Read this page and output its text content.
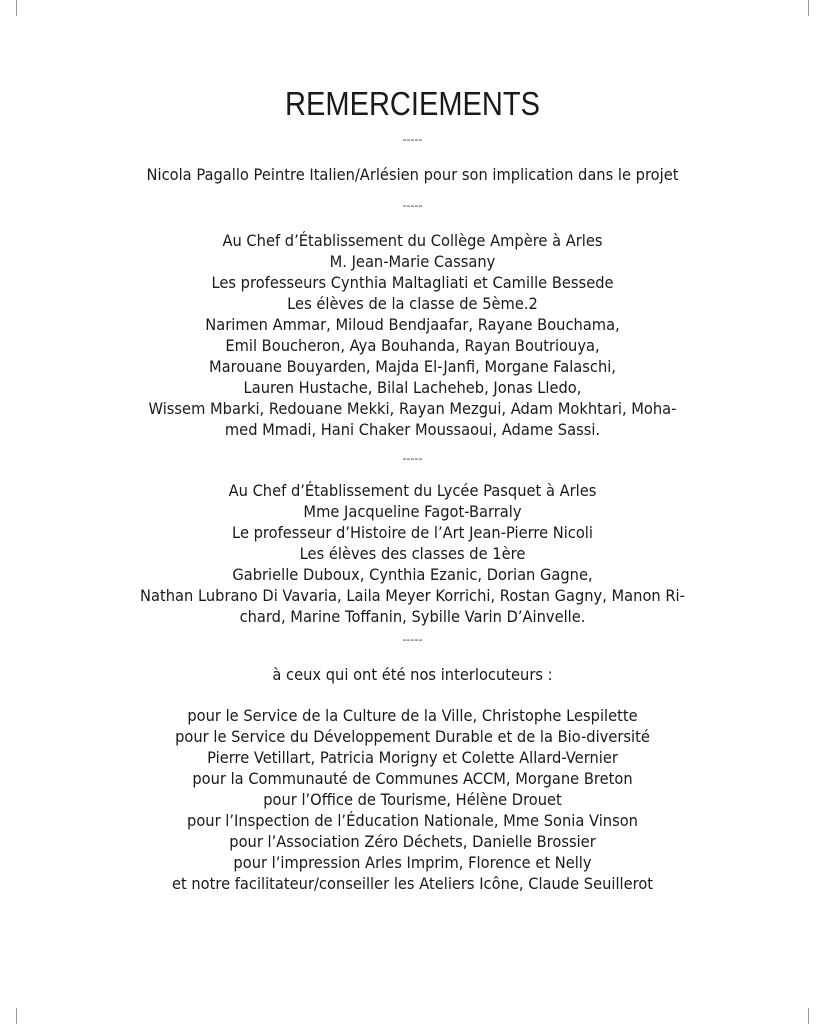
REMERCIEMENTS
-----
Nicola Pagallo Peintre Italien/Arlésien pour son implication dans le projet
-----
Au Chef d’Établissement du Collège Ampère à Arles
M. Jean-Marie Cassany
Les professeurs Cynthia Maltagliati et Camille Bessede
Les élèves de la classe de 5ème.2
Narimen Ammar, Miloud Bendjaafar, Rayane Bouchama,
Emil Boucheron, Aya Bouhanda, Rayan Boutriouya,
Marouane Bouyarden, Majda El-Janfi, Morgane Falaschi,
Lauren Hustache, Bilal Lacheheb, Jonas Lledo,
Wissem Mbarki, Redouane Mekki, Rayan Mezgui, Adam Mokhtari, Moha-
med Mmadi, Hani Chaker Moussaoui, Adame Sassi.
-----
Au Chef d’Établissement du Lycée Pasquet à Arles
Mme Jacqueline Fagot-Barraly
Le professeur d’Histoire de l’Art Jean-Pierre Nicoli
Les élèves des classes de 1ère
Gabrielle Duboux, Cynthia Ezanic, Dorian Gagne,
Nathan Lubrano Di Vavaria, Laila Meyer Korrichi, Rostan Gagny, Manon Ri-
chard, Marine Toffanin, Sybille Varin D’Ainvelle.
-----
à ceux qui ont été nos interlocuteurs :
pour le Service de la Culture de la Ville, Christophe Lespilette
pour le Service du Développement Durable et de la Bio-diversité
Pierre Vetillart, Patricia Morigny et Colette Allard-Vernier
pour la Communauté de Communes ACCM, Morgane Breton
pour l’Office de Tourisme, Hélène Drouet
pour l’Inspection de l’Éducation Nationale, Mme Sonia Vinson
pour l’Association Zéro Déchets, Danielle Brossier
pour l’impression Arles Imprim, Florence et Nelly
et notre facilitateur/conseiller les Ateliers Icône, Claude Seuillerot
